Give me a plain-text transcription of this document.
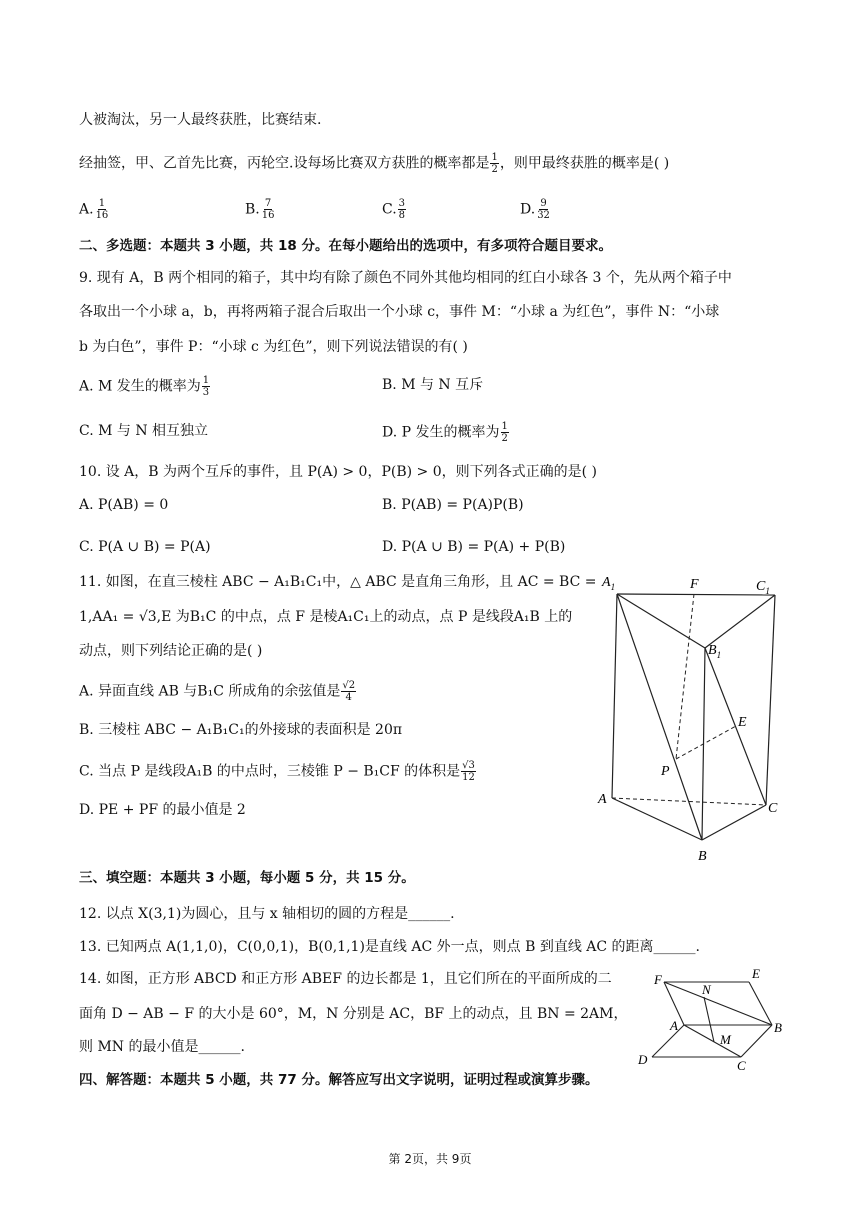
人被淘汰，另一人最终获胜，比赛结束.
经抽签，甲、乙首先比赛，丙轮空.设每场比赛双方获胜的概率都是 $\frac{1}{2}$ ，则甲最终获胜的概率是( )
A. $\frac{1}{16}$	B. $\frac{7}{16}$	C. $\frac{3}{8}$	D. $\frac{9}{32}$
二、多选题：本题共 3 小题，共 18 分。在每小题给出的选项中，有多项符合题目要求。
9. 现有 A，B 两个相同的箱子，其中均有除了颜色不同外其他均相同的红白小球各 3 个，先从两个箱子中
各取出一个小球 a，b，再将两箱子混合后取出一个小球 c，事件 M：“小球 a 为红色”，事件 N：“小球
b 为白色”，事件 P：“小球 c 为红色”，则下列说法错误的有( )
A. M 发生的概率为 $\frac{1}{3}$	B. M 与 N 互斥
C. M 与 N 相互独立	D. P 发生的概率为 $\frac{1}{2}$
10. 设 A，B 为两个互斥的事件，且 P(A) > 0，P(B) > 0，则下列各式正确的是( )
A. P(AB) = 0	B. P(AB) = P(A)P(B)
C. P(A ∪ B) = P(A)	D. P(A ∪ B) = P(A) + P(B)
11. 如图，在直三棱柱 ABC − A₁B₁C₁中，△ ABC 是直角三角形，且 AC = BC =
1,AA₁ = √3,E 为B₁C 的中点，点 F 是棱A₁C₁上的动点，点 P 是线段A₁B 上的
动点，则下列结论正确的是( )
A. 异面直线 AB 与B₁C 所成角的余弦值是 $\frac{√2}{4}$
B. 三棱柱 ABC − A₁B₁C₁的外接球的表面积是 20π
C. 当点 P 是线段A₁B 的中点时，三棱锥 P − B₁CF 的体积是 $\frac{√3}{12}$
D. PE + PF 的最小值是 2
$A_1$	F	$C_1$
$B_1$
E
P
A
C
B
三、填空题：本题共 3 小题，每小题 5 分，共 15 分。
12. 以点 X(3,1)为圆心，且与 x 轴相切的圆的方程是______.
13. 已知两点 A(1,1,0)，C(0,0,1)，B(0,1,1)是直线 AC 外一点，则点 B 到直线 AC 的距离______.
14. 如图，正方形 ABCD 和正方形 ABEF 的边长都是 1，且它们所在的平面所成的二
面角 D − AB − F 的大小是 60°，M，N 分别是 AC，BF 上的动点，且 BN = 2AM，
则 MN 的最小值是______.
F	E
N
A	B
M
D	C
四、解答题：本题共 5 小题，共 77 分。解答应写出文字说明，证明过程或演算步骤。
第 2页，共 9页
